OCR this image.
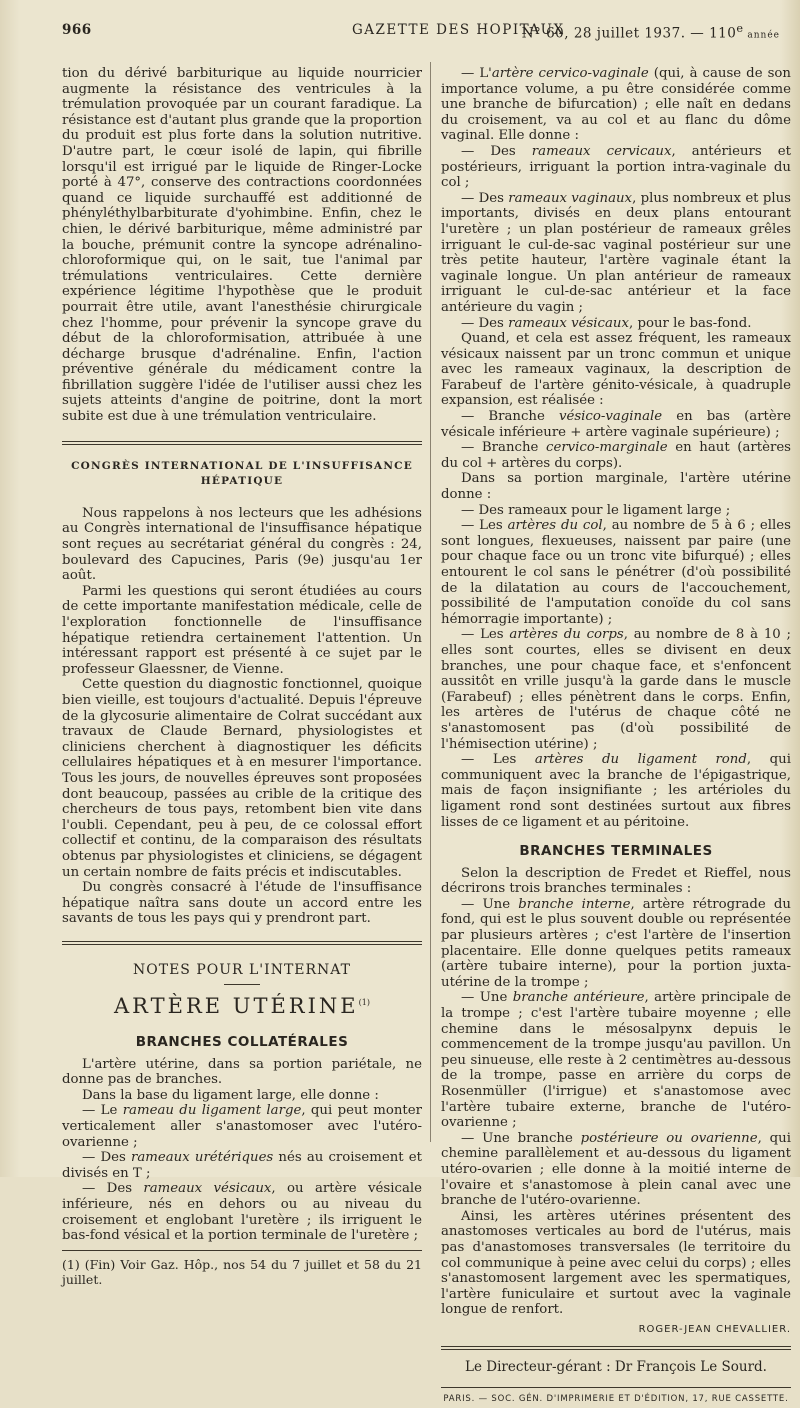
966	GAZETTE DES HOPITAUX
N° 60, 28 juillet 1937. — 110e année

tion du dérivé barbiturique au liquide nourricier augmente la résistance des ventricules à la trémulation provoquée par un courant faradique. La résistance est d'autant plus grande que la proportion du produit est plus forte dans la solution nutritive. D'autre part, le cœur isolé de lapin, qui fibrille lorsqu'il est irrigué par le liquide de Ringer-Locke porté à 47°, conserve des contractions coordonnées quand ce liquide surchauffé est additionné de phényléthylbarbiturate d'yohimbine. Enfin, chez le chien, le dérivé barbiturique, même administré par la bouche, prémunit contre la syncope adrénalino-chloroformique qui, on le sait, tue l'animal par trémulations ventriculaires. Cette dernière expérience légitime l'hypothèse que le produit pourrait être utile, avant l'anesthésie chirurgicale chez l'homme, pour prévenir la syncope grave du début de la chloroformisation, attribuée à une décharge brusque d'adrénaline. Enfin, l'action préventive générale du médicament contre la fibrillation suggère l'idée de l'utiliser aussi chez les sujets atteints d'angine de poitrine, dont la mort subite est due à une trémulation ventriculaire.

CONGRÈS INTERNATIONAL DE L'INSUFFISANCE HÉPATIQUE

Nous rappelons à nos lecteurs que les adhésions au Congrès international de l'insuffisance hépatique sont reçues au secrétariat général du congrès : 24, boulevard des Capucines, Paris (9e) jusqu'au 1er août.

Parmi les questions qui seront étudiées au cours de cette importante manifestation médicale, celle de l'exploration fonctionnelle de l'insuffisance hépatique retiendra certainement l'attention. Un intéressant rapport est présenté à ce sujet par le professeur Glaessner, de Vienne.

Cette question du diagnostic fonctionnel, quoique bien vieille, est toujours d'actualité. Depuis l'épreuve de la glycosurie alimentaire de Colrat succédant aux travaux de Claude Bernard, physiologistes et cliniciens cherchent à diagnostiquer les déficits cellulaires hépatiques et à en mesurer l'importance. Tous les jours, de nouvelles épreuves sont proposées dont beaucoup, passées au crible de la critique des chercheurs de tous pays, retombent bien vite dans l'oubli. Cependant, peu à peu, de ce colossal effort collectif et continu, de la comparaison des résultats obtenus par physiologistes et cliniciens, se dégagent un certain nombre de faits précis et indiscutables.

Du congrès consacré à l'étude de l'insuffisance hépatique naîtra sans doute un accord entre les savants de tous les pays qui y prendront part.

NOTES POUR L'INTERNAT
ARTÈRE UTÉRINE$^{(1)}$
BRANCHES COLLATÉRALES

L'artère utérine, dans sa portion pariétale, ne donne pas de branches.

Dans la base du ligament large, elle donne :

— Le rameau du ligament large, qui peut monter verticalement aller s'anastomoser avec l'utéro-ovarienne ;

— Des rameaux urétériques nés au croisement et divisés en T ;

— Des rameaux vésicaux, ou artère vésicale inférieure, nés en dehors ou au niveau du croisement et englobant l'uretère ; ils irriguent le bas-fond vésical et la portion terminale de l'uretère ;

(1) (Fin) Voir Gaz. Hôp., nos 54 du 7 juillet et 58 du 21 juillet.

— L'artère cervico-vaginale (qui, à cause de son importance volume, a pu être considérée comme une branche de bifurcation) ; elle naît en dedans du croisement, va au col et au flanc du dôme vaginal. Elle donne :

— Des rameaux cervicaux, antérieurs et postérieurs, irriguant la portion intra-vaginale du col ;

— Des rameaux vaginaux, plus nombreux et plus importants, divisés en deux plans entourant l'uretère ; un plan postérieur de rameaux grêles irriguant le cul-de-sac vaginal postérieur sur une très petite hauteur, l'artère vaginale étant la vaginale longue. Un plan antérieur de rameaux irriguant le cul-de-sac antérieur et la face antérieure du vagin ;

— Des rameaux vésicaux, pour le bas-fond.

Quand, et cela est assez fréquent, les rameaux vésicaux naissent par un tronc commun et unique avec les rameaux vaginaux, la description de Farabeuf de l'artère génito-vésicale, à quadruple expansion, est réalisée :

— Branche vésico-vaginale en bas (artère vésicale inférieure + artère vaginale supérieure) ;

— Branche cervico-marginale en haut (artères du col + artères du corps).

Dans sa portion marginale, l'artère utérine donne :

— Des rameaux pour le ligament large ;

— Les artères du col, au nombre de 5 à 6 ; elles sont longues, flexueuses, naissent par paire (une pour chaque face ou un tronc vite bifurqué) ; elles entourent le col sans le pénétrer (d'où possibilité de la dilatation au cours de l'accouchement, possibilité de l'amputation conoïde du col sans hémorragie importante) ;

— Les artères du corps, au nombre de 8 à 10 ; elles sont courtes, elles se divisent en deux branches, une pour chaque face, et s'enfoncent aussitôt en vrille jusqu'à la garde dans le muscle (Farabeuf) ; elles pénètrent dans le corps. Enfin, les artères de l'utérus de chaque côté ne s'anastomosent pas (d'où possibilité de l'hémisection utérine) ;

— Les artères du ligament rond, qui communiquent avec la branche de l'épigastrique, mais de façon insignifiante ; les artérioles du ligament rond sont destinées surtout aux fibres lisses de ce ligament et au péritoine.

BRANCHES TERMINALES

Selon la description de Fredet et Rieffel, nous décrirons trois branches terminales :

— Une branche interne, artère rétrograde du fond, qui est le plus souvent double ou représentée par plusieurs artères ; c'est l'artère de l'insertion placentaire. Elle donne quelques petits rameaux (artère tubaire interne), pour la portion juxta-utérine de la trompe ;

— Une branche antérieure, artère principale de la trompe ; c'est l'artère tubaire moyenne ; elle chemine dans le mésosalpynx depuis le commencement de la trompe jusqu'au pavillon. Un peu sinueuse, elle reste à 2 centimètres au-dessous de la trompe, passe en arrière du corps de Rosenmüller (l'irrigue) et s'anastomose avec l'artère tubaire externe, branche de l'utéro-ovarienne ;

— Une branche postérieure ou ovarienne, qui chemine parallèlement et au-dessous du ligament utéro-ovarien ; elle donne à la moitié interne de l'ovaire et s'anastomose à plein canal avec une branche de l'utéro-ovarienne.

Ainsi, les artères utérines présentent des anastomoses verticales au bord de l'utérus, mais pas d'anastomoses transversales (le territoire du col communique à peine avec celui du corps) ; elles s'anastomosent largement avec les spermatiques, l'artère funiculaire et surtout avec la vaginale longue de renfort.

ROGER-JEAN CHEVALLIER.
Le Directeur-gérant : Dr François Le Sourd.
PARIS. — SOC. GÉN. D'IMPRIMERIE ET D'ÉDITION, 17, RUE CASSETTE.
